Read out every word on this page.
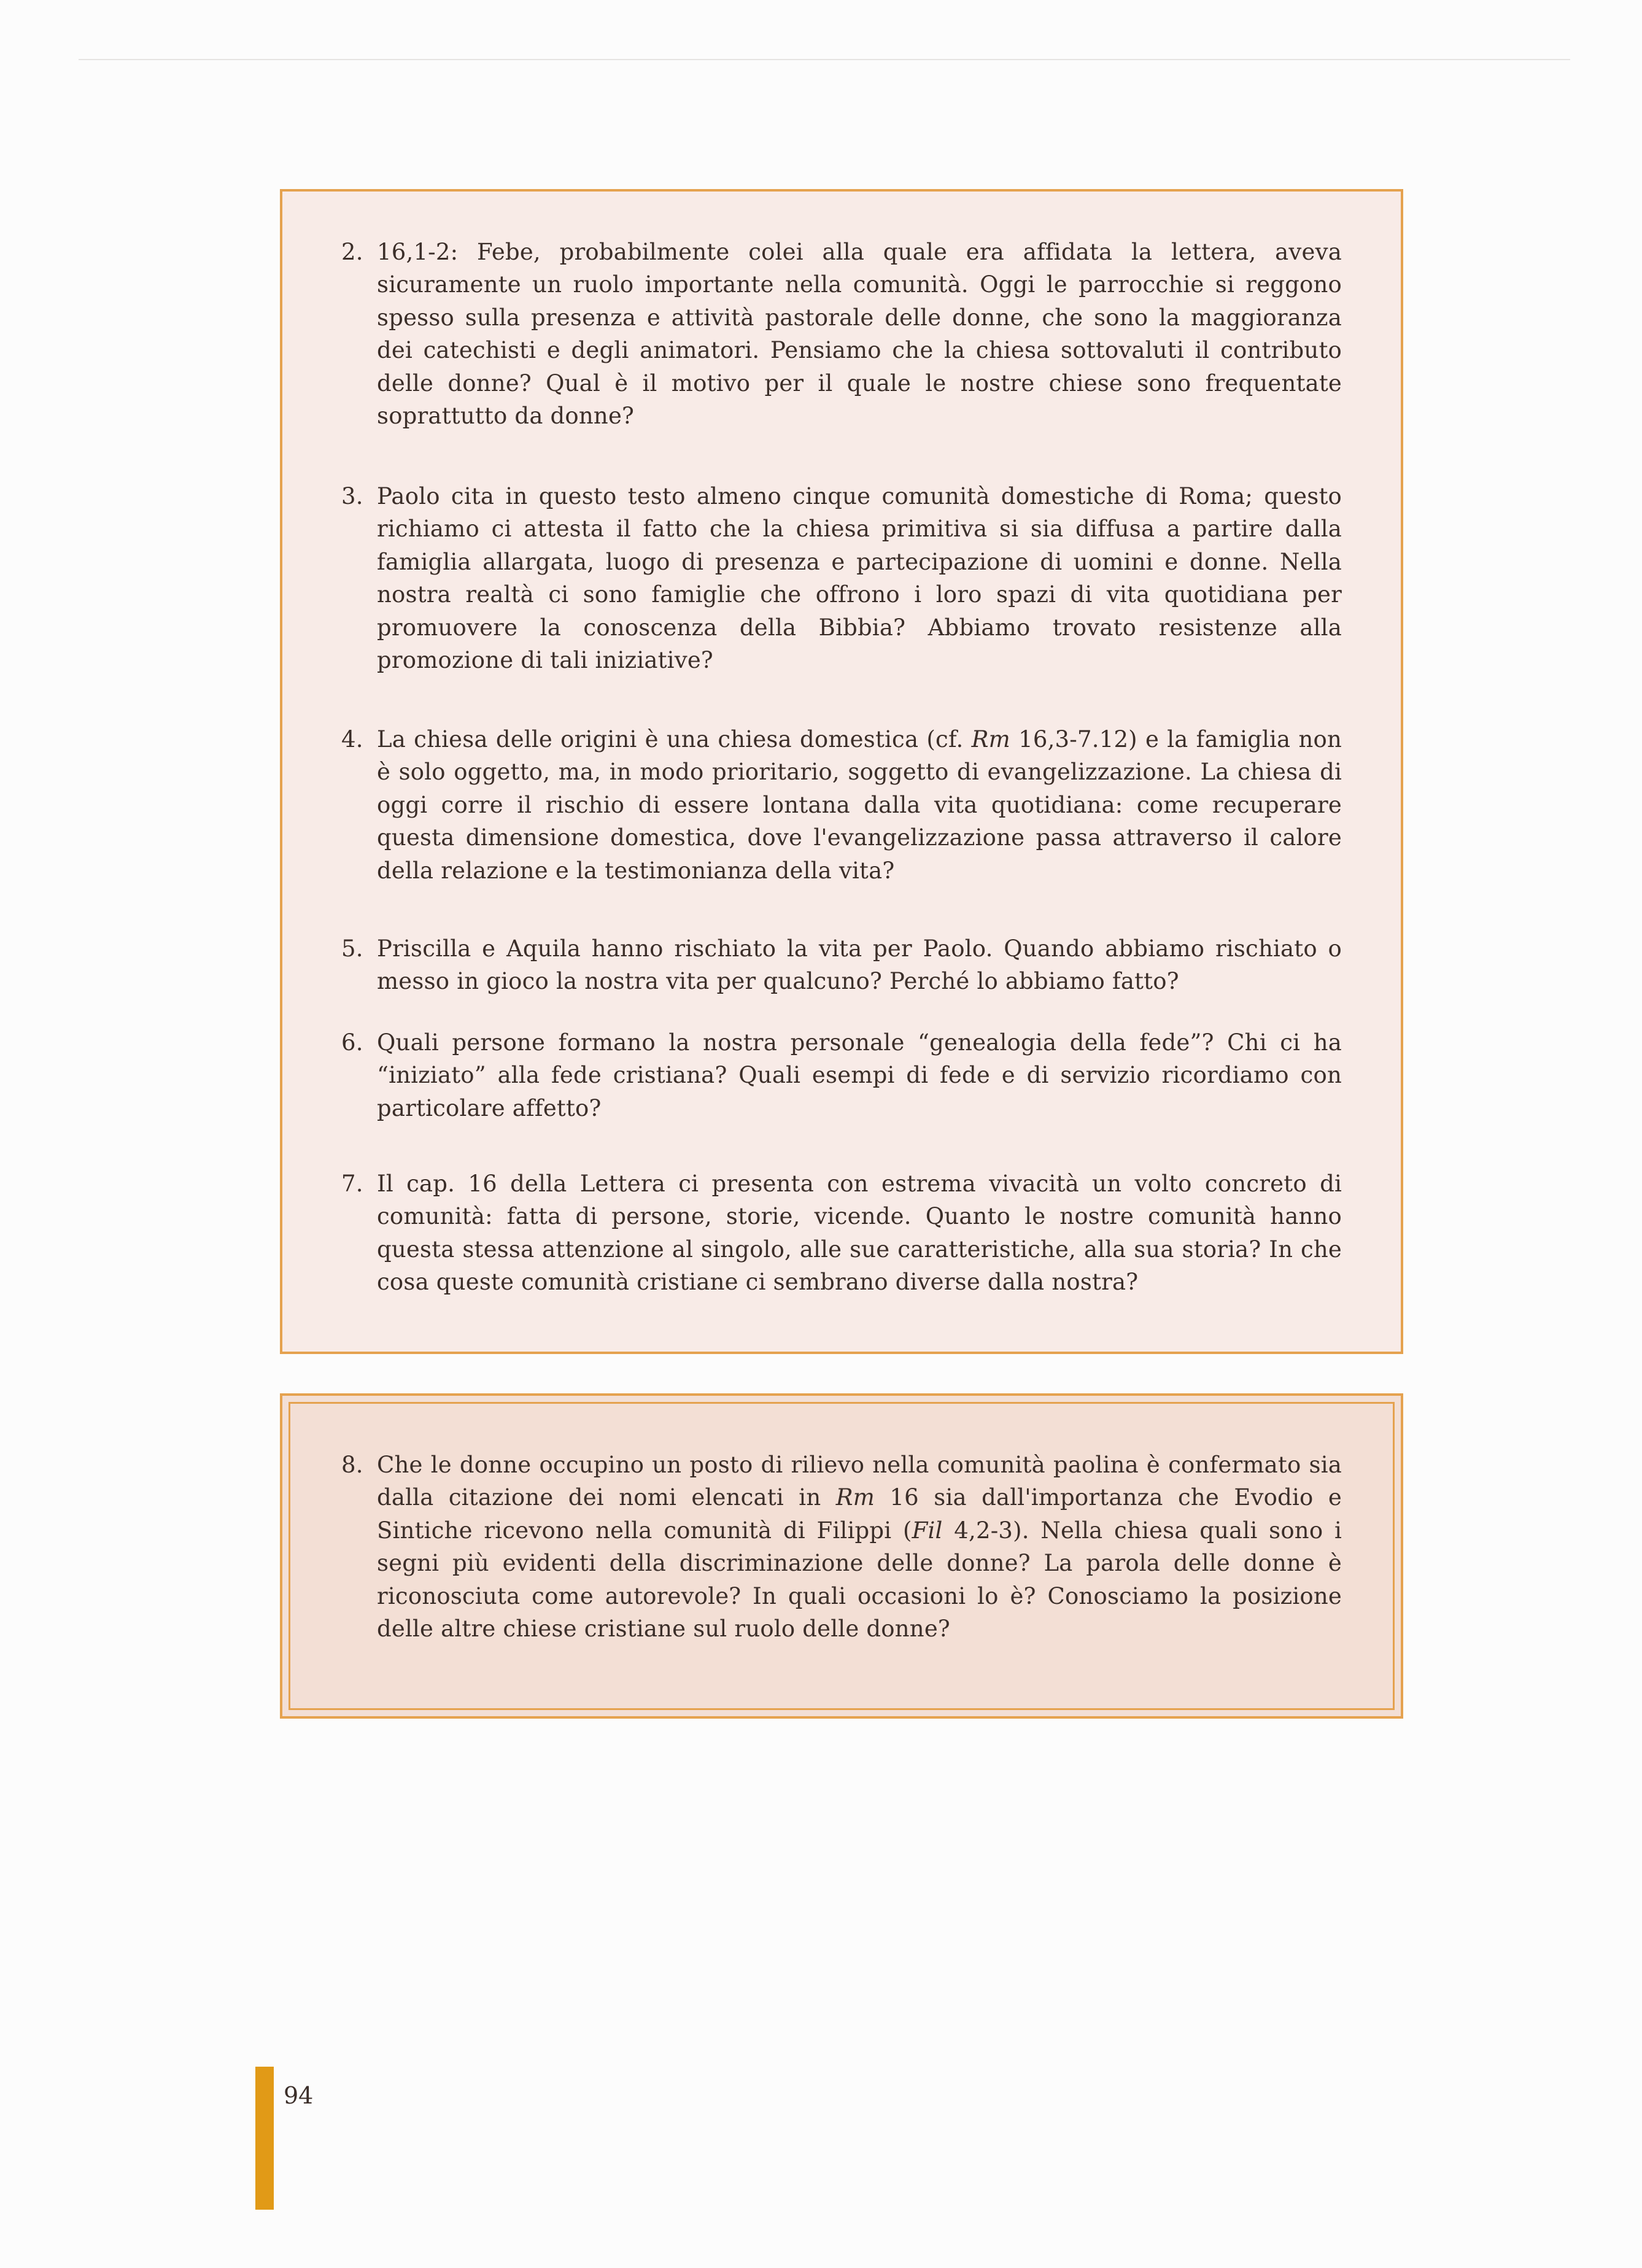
2. 16,1-2: Febe, probabilmente colei alla quale era affidata la lettera, aveva sicuramente un ruolo importante nella comunità. Oggi le parrocchie si reggono spesso sulla presenza e attività pastorale delle donne, che sono la maggioranza dei catechisti e degli animatori. Pensiamo che la chiesa sottovaluti il contributo delle donne? Qual è il motivo per il quale le nostre chiese sono frequentate soprattutto da donne?
3. Paolo cita in questo testo almeno cinque comunità domestiche di Roma; questo richiamo ci attesta il fatto che la chiesa primitiva si sia diffusa a partire dalla famiglia allargata, luogo di presenza e partecipazione di uomini e donne. Nella nostra realtà ci sono famiglie che offrono i loro spazi di vita quotidiana per promuovere la conoscenza della Bibbia? Abbiamo trovato resistenze alla promozione di tali iniziative?
4. La chiesa delle origini è una chiesa domestica (cf. Rm 16,3-7.12) e la famiglia non è solo oggetto, ma, in modo prioritario, soggetto di evangelizzazione. La chiesa di oggi corre il rischio di essere lontana dalla vita quotidiana: come recuperare questa dimensione domestica, dove l'evangelizzazione passa attraverso il calore della relazione e la testimonianza della vita?
5. Priscilla e Aquila hanno rischiato la vita per Paolo. Quando abbiamo rischiato o messo in gioco la nostra vita per qualcuno? Perché lo abbiamo fatto?
6. Quali persone formano la nostra personale “genealogia della fede”? Chi ci ha “iniziato” alla fede cristiana? Quali esempi di fede e di servizio ricordiamo con particolare affetto?
7. Il cap. 16 della Lettera ci presenta con estrema vivacità un volto concreto di comunità: fatta di persone, storie, vicende. Quanto le nostre comunità hanno questa stessa attenzione al singolo, alle sue caratteristiche, alla sua storia? In che cosa queste comunità cristiane ci sembrano diverse dalla nostra?
8. Che le donne occupino un posto di rilievo nella comunità paolina è confermato sia dalla citazione dei nomi elencati in Rm 16 sia dall'importanza che Evodio e Sintiche ricevono nella comunità di Filippi (Fil 4,2-3). Nella chiesa quali sono i segni più evidenti della discriminazione delle donne? La parola delle donne è riconosciuta come autorevole? In quali occasioni lo è? Conosciamo la posizione delle altre chiese cristiane sul ruolo delle donne?
94
